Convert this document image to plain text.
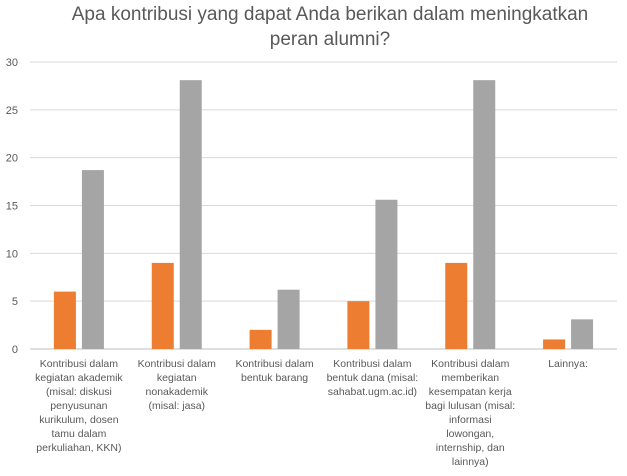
Apa kontribusi yang dapat Anda berikan dalam meningkatkan
peran alumni?
0
5
10
15
20
25
30
Kontribusi dalam kegiatan akademik (misal: diskusi penyusunan kurikulum, dosen tamu dalam perkuliahan, KKN)
Kontribusi dalam kegiatan nonakademik (misal: jasa)
Kontribusi dalam bentuk barang
Kontribusi dalam bentuk dana (misal: sahabat.ugm.ac.id)
Kontribusi dalam memberikan kesempatan kerja bagi lulusan (misal: informasi lowongan, internship, dan lainnya)
Lainnya:
